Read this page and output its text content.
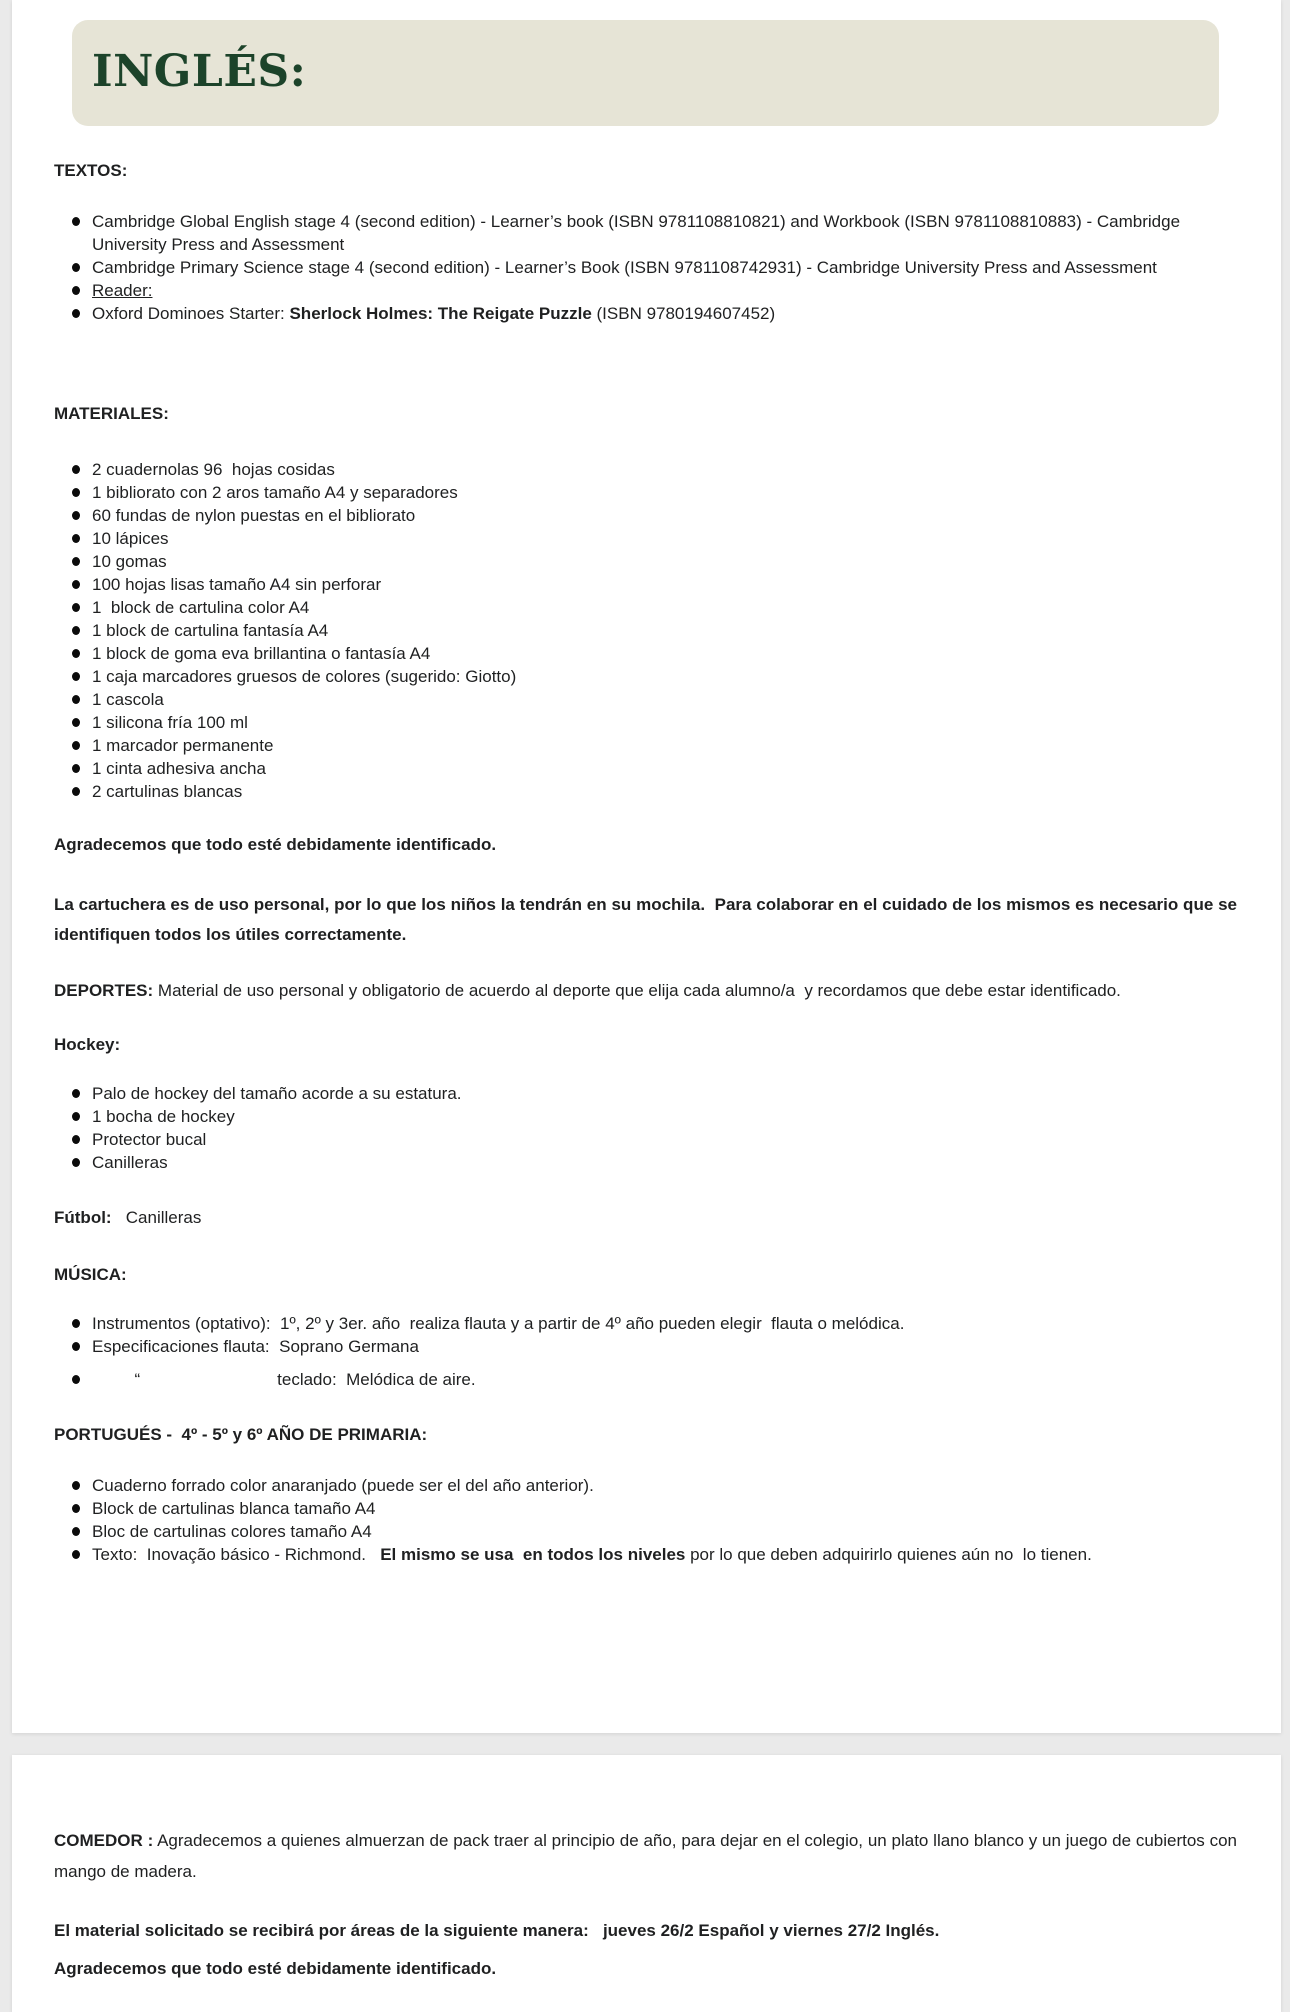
INGLÉS:
TEXTOS:
Cambridge Global English stage 4 (second edition) - Learner’s book (ISBN 9781108810821) and Workbook (ISBN 9781108810883) - Cambridge University Press and Assessment
Cambridge Primary Science stage 4 (second edition) - Learner’s Book (ISBN 9781108742931) - Cambridge University Press and Assessment
Reader:
Oxford Dominoes Starter: Sherlock Holmes: The Reigate Puzzle (ISBN 9780194607452)
MATERIALES:
2 cuadernolas 96  hojas cosidas
1 bibliorato con 2 aros tamaño A4 y separadores
60 fundas de nylon puestas en el bibliorato
10 lápices
10 gomas
100 hojas lisas tamaño A4 sin perforar
1  block de cartulina color A4
1 block de cartulina fantasía A4
1 block de goma eva brillantina o fantasía A4
1 caja marcadores gruesos de colores (sugerido: Giotto)
1 cascola
1 silicona fría 100 ml
1 marcador permanente
1 cinta adhesiva ancha
2 cartulinas blancas

Agradecemos que todo esté debidamente identificado.

La cartuchera es de uso personal, por lo que los niños la tendrán en su mochila.  Para colaborar en el cuidado de los mismos es necesario que se identifiquen todos los útiles correctamente.

DEPORTES: Material de uso personal y obligatorio de acuerdo al deporte que elija cada alumno/a  y recordamos que debe estar identificado.

Hockey:
Palo de hockey del tamaño acorde a su estatura.
1 bocha de hockey
Protector bucal
Canilleras

Fútbol:   Canilleras

MÚSICA:
Instrumentos (optativo):  1º, 2º y 3er. año  realiza flauta y a partir de 4º año pueden elegir  flauta o melódica.
Especificaciones flauta:  Soprano Germana
“                             teclado:  Melódica de aire.
PORTUGUÉS -  4º - 5º y 6º AÑO DE PRIMARIA:
Cuaderno forrado color anaranjado (puede ser el del año anterior).
Block de cartulinas blanca tamaño A4
Bloc de cartulinas colores tamaño A4
Texto:  Inovação básico - Richmond.   El mismo se usa  en todos los niveles por lo que deben adquirirlo quienes aún no  lo tienen.

COMEDOR : Agradecemos a quienes almuerzan de pack traer al principio de año, para dejar en el colegio, un plato llano blanco y un juego de cubiertos con mango de madera.

El material solicitado se recibirá por áreas de la siguiente manera:   jueves 26/2 Español y viernes 27/2 Inglés.

Agradecemos que todo esté debidamente identificado.
